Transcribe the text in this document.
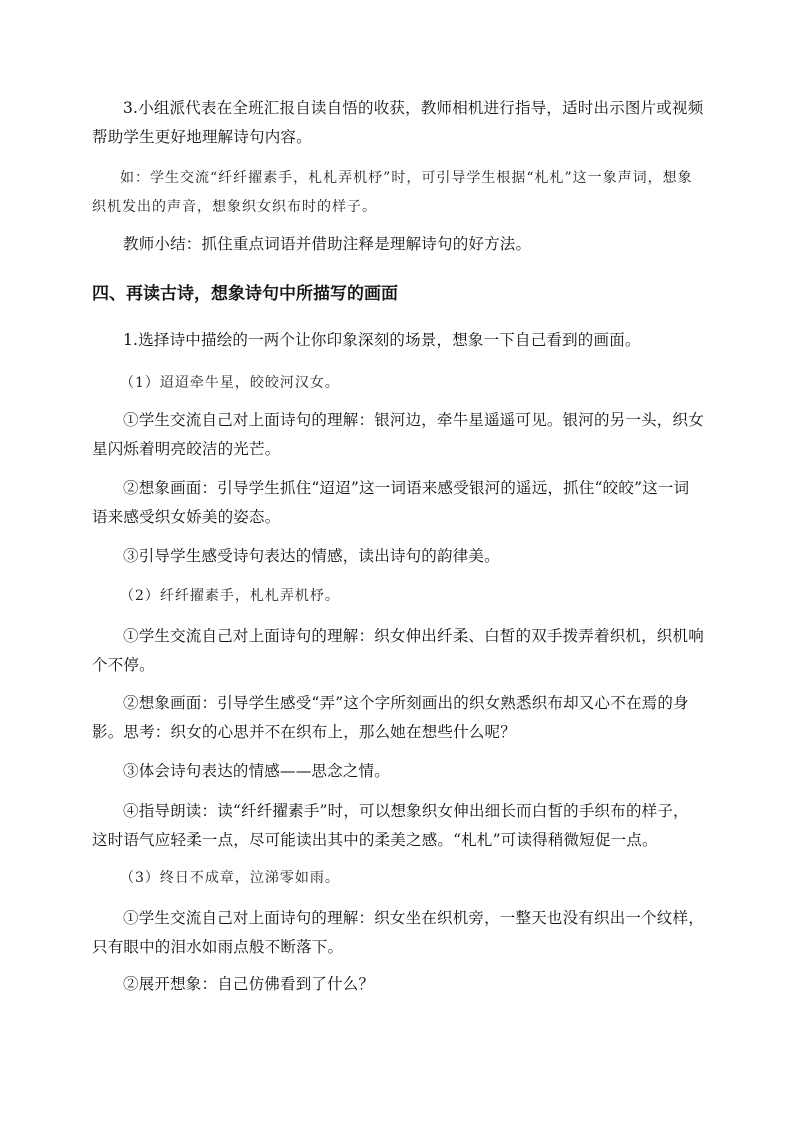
3.小组派代表在全班汇报自读自悟的收获，教师相机进行指导，适时出示图片或视频帮助学生更好地理解诗句内容。

如：学生交流“纤纤擢素手，札札弄机杼”时，可引导学生根据“札札”这一象声词，想象织机发出的声音，想象织女织布时的样子。

教师小结：抓住重点词语并借助注释是理解诗句的好方法。

四、再读古诗，想象诗句中所描写的画面

1.选择诗中描绘的一两个让你印象深刻的场景，想象一下自己看到的画面。

（1）迢迢牵牛星，皎皎河汉女。

①学生交流自己对上面诗句的理解：银河边，牵牛星遥遥可见。银河的另一头，织女星闪烁着明亮皎洁的光芒。

②想象画面：引导学生抓住“迢迢”这一词语来感受银河的遥远，抓住“皎皎”这一词语来感受织女娇美的姿态。

③引导学生感受诗句表达的情感，读出诗句的韵律美。

（2）纤纤擢素手，札札弄机杼。

①学生交流自己对上面诗句的理解：织女伸出纤柔、白皙的双手拨弄着织机，织机响个不停。

②想象画面：引导学生感受“弄”这个字所刻画出的织女熟悉织布却又心不在焉的身影。思考：织女的心思并不在织布上，那么她在想些什么呢？

③体会诗句表达的情感——思念之情。

④指导朗读：读“纤纤擢素手”时，可以想象织女伸出细长而白皙的手织布的样子，这时语气应轻柔一点，尽可能读出其中的柔美之感。“札札”可读得稍微短促一点。

（3）终日不成章，泣涕零如雨。

①学生交流自己对上面诗句的理解：织女坐在织机旁，一整天也没有织出一个纹样，只有眼中的泪水如雨点般不断落下。

②展开想象：自己仿佛看到了什么？
